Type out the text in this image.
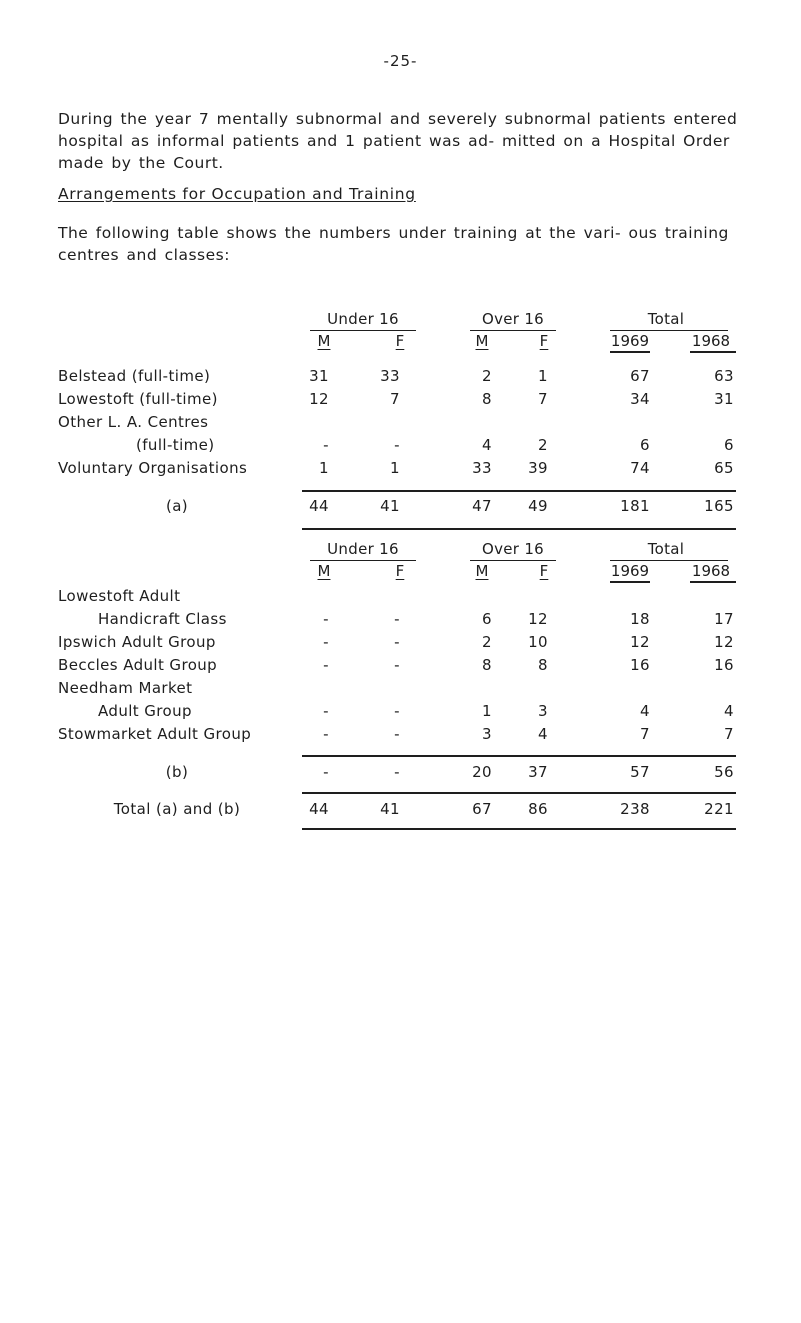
-25-
During the year 7 mentally subnormal and severely subnormal patients entered hospital as informal patients and 1 patient was ad- mitted on a Hospital Order made by the Court.
Arrangements for Occupation and Training
The following table shows the numbers under training at the vari- ous training centres and classes:
Under 16	Over 16	Total
M	F	M	F	1969	1968
Belstead (full-time)	31	33	2	1	67	63
Lowestoft (full-time)	12	7	8	7	34	31
Other L. A. Centres
(full-time)	-	-	4	2	6	6
Voluntary Organisations	1	1	33	39	74	65
(a)	44	41	47	49	181	165
Under 16	Over 16	Total
M	F	M	F	1969	1968
Lowestoft Adult
Handicraft Class	-	-	6	12	18	17
Ipswich Adult Group	-	-	2	10	12	12
Beccles Adult Group	-	-	8	8	16	16
Needham Market
Adult Group	-	-	1	3	4	4
Stowmarket Adult Group	-	-	3	4	7	7
(b)	-	-	20	37	57	56
Total (a) and (b)	44	41	67	86	238	221
